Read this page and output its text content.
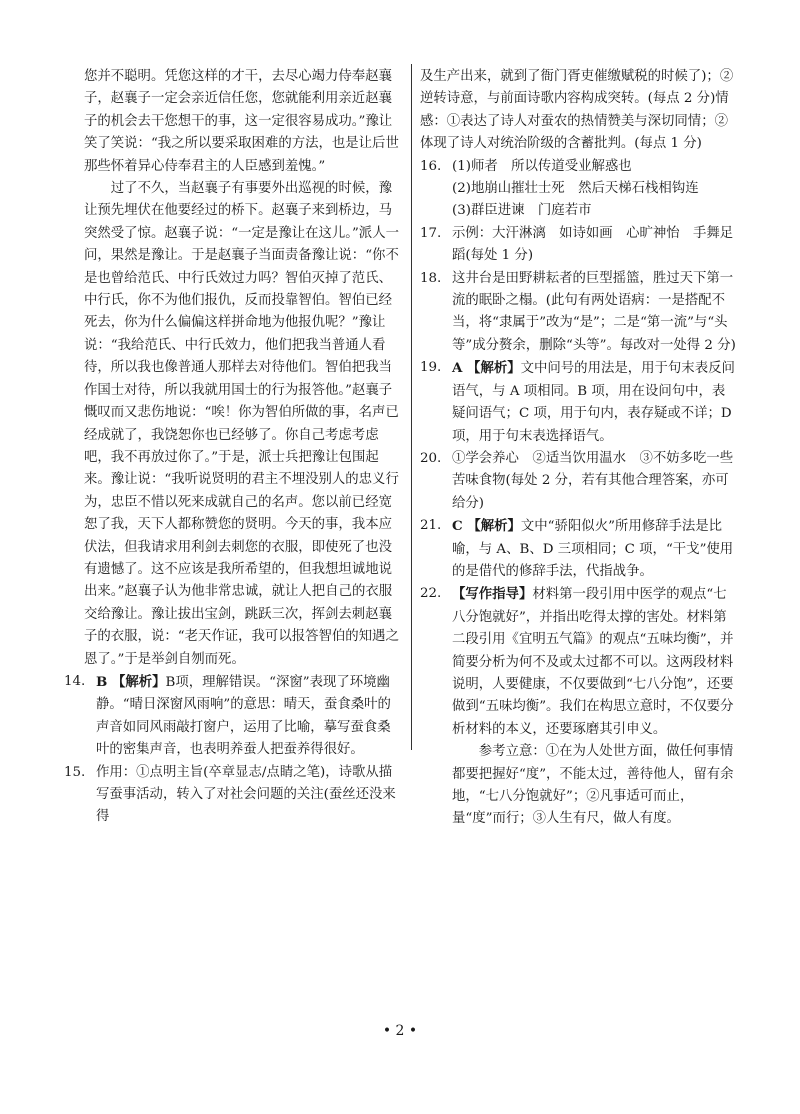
您并不聪明。凭您这样的才干，去尽心竭力侍奉赵襄子，赵襄子一定会亲近信任您，您就能利用亲近赵襄子的机会去干您想干的事，这一定很容易成功。”豫让笑了笑说：“我之所以要采取困难的方法，也是让后世那些怀着异心侍奉君主的人臣感到羞愧。”

过了不久，当赵襄子有事要外出巡视的时候，豫让预先埋伏在他要经过的桥下。赵襄子来到桥边，马突然受了惊。赵襄子说：“一定是豫让在这儿。”派人一问，果然是豫让。于是赵襄子当面责备豫让说：“你不是也曾给范氏、中行氏效过力吗？智伯灭掉了范氏、中行氏，你不为他们报仇，反而投靠智伯。智伯已经死去，你为什么偏偏这样拼命地为他报仇呢？”豫让说：“我给范氏、中行氏效力，他们把我当普通人看待，所以我也像普通人那样去对待他们。智伯把我当作国士对待，所以我就用国士的行为报答他。”赵襄子慨叹而又悲伤地说：“唉！你为智伯所做的事，名声已经成就了，我饶恕你也已经够了。你自己考虑考虑吧，我不再放过你了。”于是，派士兵把豫让包围起来。豫让说：“我听说贤明的君主不埋没别人的忠义行为，忠臣不惜以死来成就自己的名声。您以前已经宽恕了我，天下人都称赞您的贤明。今天的事，我本应伏法，但我请求用利剑去刺您的衣服，即使死了也没有遗憾了。这不应该是我所希望的，但我想坦诚地说出来。”赵襄子认为他非常忠诚，就让人把自己的衣服交给豫让。豫让拔出宝剑，跳跃三次，挥剑去刺赵襄子的衣服，说：“老天作证，我可以报答智伯的知遇之恩了。”于是举剑自刎而死。

14. B 【解析】B项，理解错误。“深窗”表现了环境幽静。“晴日深窗风雨响”的意思：晴天，蚕食桑叶的声音如同风雨敲打窗户，运用了比喻，摹写蚕食桑叶的密集声音，也表明养蚕人把蚕养得很好。
15. 作用：①点明主旨(卒章显志/点睛之笔)，诗歌从描写蚕事活动，转入了对社会问题的关注(蚕丝还没来得

及生产出来，就到了衙门胥吏催缴赋税的时候了)；②逆转诗意，与前面诗歌内容构成突转。(每点 2 分)情感：①表达了诗人对蚕农的热情赞美与深切同情；②体现了诗人对统治阶级的含蓄批判。(每点 1 分)

16. (1)师者　所以传道受业解惑也

(2)地崩山摧壮士死　然后天梯石栈相钩连

(3)群臣进谏　门庭若市

17. 示例：大汗淋漓　如诗如画　心旷神怡　手舞足蹈(每处 1 分)
18. 这井台是田野耕耘者的巨型摇篮，胜过天下第一流的眠卧之榻。(此句有两处语病：一是搭配不当，将“隶属于”改为“是”；二是“第一流”与“头等”成分赘余，删除“头等”。每改对一处得 2 分)
19. A 【解析】文中问号的用法是，用于句末表反问语气，与 A 项相同。B 项，用在设问句中，表疑问语气；C 项，用于句内，表存疑或不详；D 项，用于句末表选择语气。
20. ①学会养心　②适当饮用温水　③不妨多吃一些苦味食物(每处 2 分，若有其他合理答案，亦可给分)
21. C 【解析】文中“骄阳似火”所用修辞手法是比喻，与 A、B、D 三项相同；C 项，“干戈”使用的是借代的修辞手法，代指战争。
22. 【写作指导】材料第一段引用中医学的观点“七八分饱就好”，并指出吃得太撑的害处。材料第二段引用《宜明五气篇》的观点“五味均衡”，并简要分析为何不及或太过都不可以。这两段材料说明，人要健康，不仅要做到“七八分饱”，还要做到“五味均衡”。我们在构思立意时，不仅要分析材料的本义，还要琢磨其引申义。

参考立意：①在为人处世方面，做任何事情都要把握好“度”，不能太过，善待他人，留有余地，“七八分饱就好”；②凡事适可而止，量“度”而行；③人生有尺，做人有度。

• 2 •
